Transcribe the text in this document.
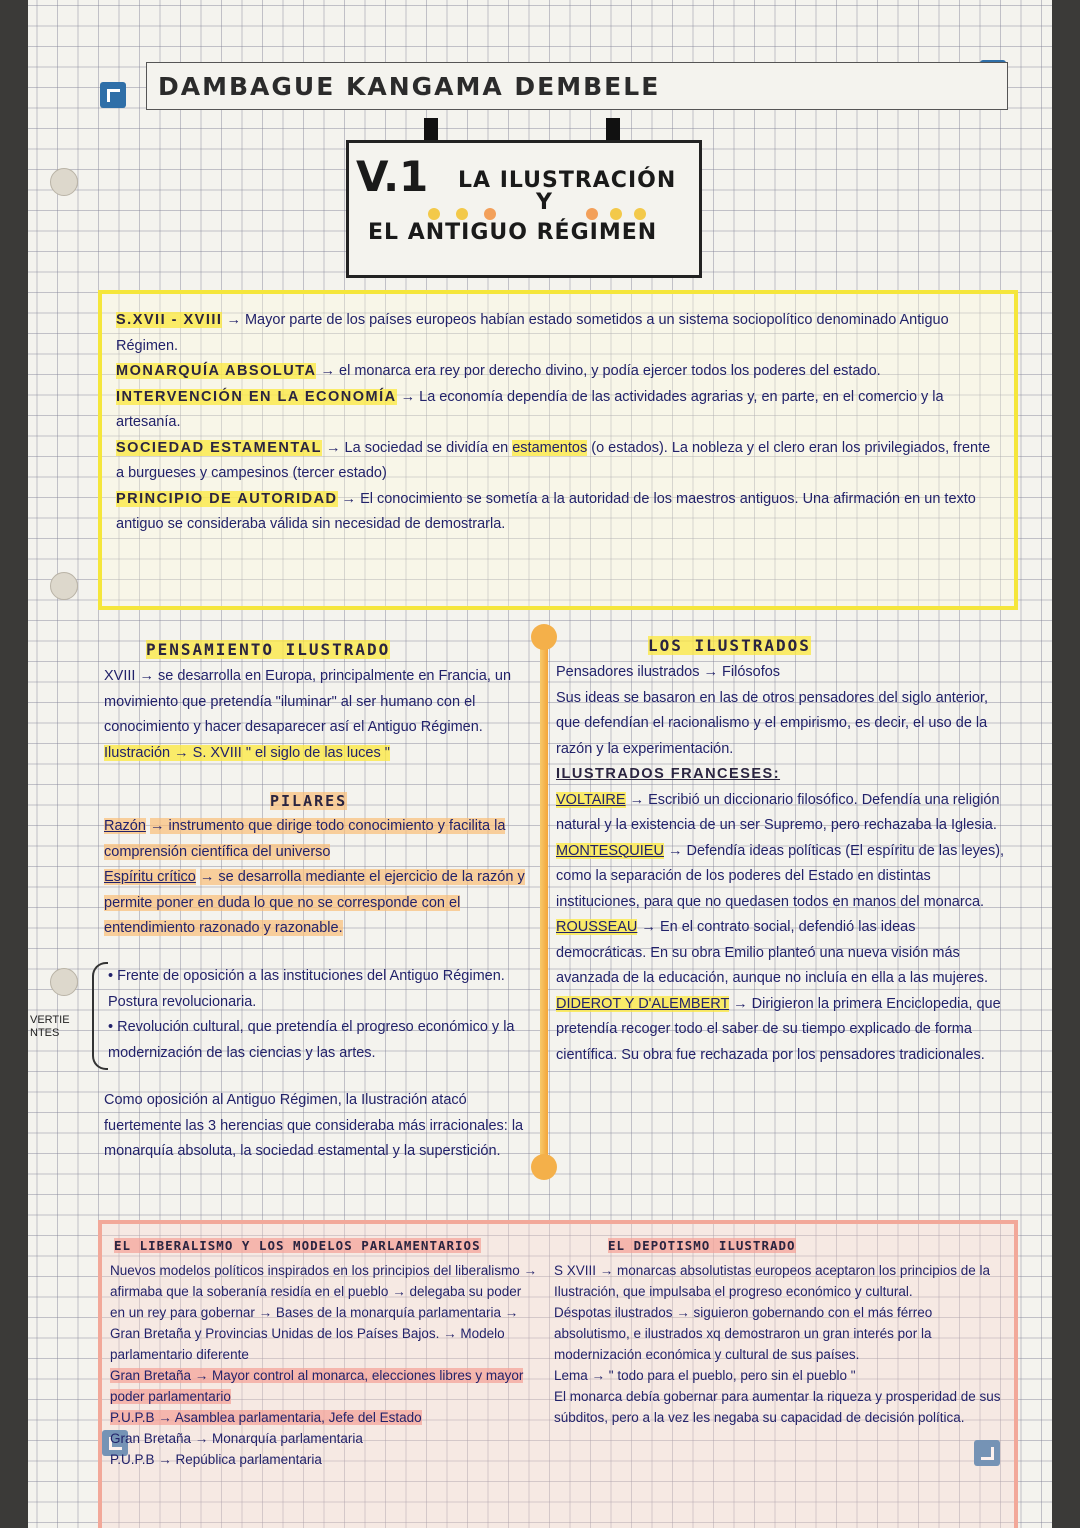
DAMBAGUE KANGAMA DEMBELE
V.1 LA ILUSTRACIÓN
Y
EL ANTIGUO RÉGIMEN
S.XVII - XVIII → Mayor parte de los países europeos habían estado sometidos a un sistema sociopolítico denominado Antiguo Régimen.
MONARQUÍA ABSOLUTA → el monarca era rey por derecho divino, y podía ejercer todos los poderes del estado.
INTERVENCIÓN EN LA ECONOMÍA → La economía dependía de las actividades agrarias y, en parte, en el comercio y la artesanía.
SOCIEDAD ESTAMENTAL → La sociedad se dividía en estamentos (o estados). La nobleza y el clero eran los privilegiados, frente a burgueses y campesinos (tercer estado)
PRINCIPIO DE AUTORIDAD → El conocimiento se sometía a la autoridad de los maestros antiguos. Una afirmación en un texto antiguo se consideraba válida sin necesidad de demostrarla.
PENSAMIENTO ILUSTRADO
XVIII → se desarrolla en Europa, principalmente en Francia, un movimiento que pretendía "iluminar" al ser humano con el conocimiento y hacer desaparecer así el Antiguo Régimen.
Ilustración → S. XVIII " el siglo de las luces "
PILARES
Razón → instrumento que dirige todo conocimiento y facilita la comprensión científica del universo
Espíritu crítico → se desarrolla mediante el ejercicio de la razón y permite poner en duda lo que no se corresponde con el entendimiento razonado y razonable.
VERTIENTES
• Frente de oposición a las instituciones del Antiguo Régimen. Postura revolucionaria.
• Revolución cultural, que pretendía el progreso económico y la modernización de las ciencias y las artes.
Como oposición al Antiguo Régimen, la Ilustración atacó fuertemente las 3 herencias que consideraba más irracionales: la monarquía absoluta, la sociedad estamental y la superstición.
LOS ILUSTRADOS
Pensadores ilustrados → Filósofos
Sus ideas se basaron en las de otros pensadores del siglo anterior, que defendían el racionalismo y el empirismo, es decir, el uso de la razón y la experimentación.
ILUSTRADOS FRANCESES:
VOLTAIRE → Escribió un diccionario filosófico. Defendía una religión natural y la existencia de un ser Supremo, pero rechazaba la Iglesia.
MONTESQUIEU → Defendía ideas políticas (El espíritu de las leyes), como la separación de los poderes del Estado en distintas instituciones, para que no quedasen todos en manos del monarca.
ROUSSEAU → En el contrato social, defendió las ideas democráticas. En su obra Emilio planteó una nueva visión más avanzada de la educación, aunque no incluía en ella a las mujeres.
DIDEROT Y D'ALEMBERT → Dirigieron la primera Enciclopedia, que pretendía recoger todo el saber de su tiempo explicado de forma científica. Su obra fue rechazada por los pensadores tradicionales.
EL LIBERALISMO Y LOS MODELOS PARLAMENTARIOS
Nuevos modelos políticos inspirados en los principios del liberalismo → afirmaba que la soberanía residía en el pueblo → delegaba su poder en un rey para gobernar → Bases de la monarquía parlamentaria → Gran Bretaña y Provincias Unidas de los Países Bajos. → Modelo parlamentario diferente
Gran Bretaña → Mayor control al monarca, elecciones libres y mayor poder parlamentario
P.U.P.B → Asamblea parlamentaria, Jefe del Estado
Gran Bretaña → Monarquía parlamentaria
P.U.P.B → República parlamentaria
EL DEPOTISMO ILUSTRADO
S XVIII → monarcas absolutistas europeos aceptaron los principios de la Ilustración, que impulsaba el progreso económico y cultural.
Déspotas ilustrados → siguieron gobernando con el más férreo absolutismo, e ilustrados xq demostraron un gran interés por la modernización económica y cultural de sus países.
Lema → " todo para el pueblo, pero sin el pueblo "
El monarca debía gobernar para aumentar la riqueza y prosperidad de sus súbditos, pero a la vez les negaba su capacidad de decisión política.
